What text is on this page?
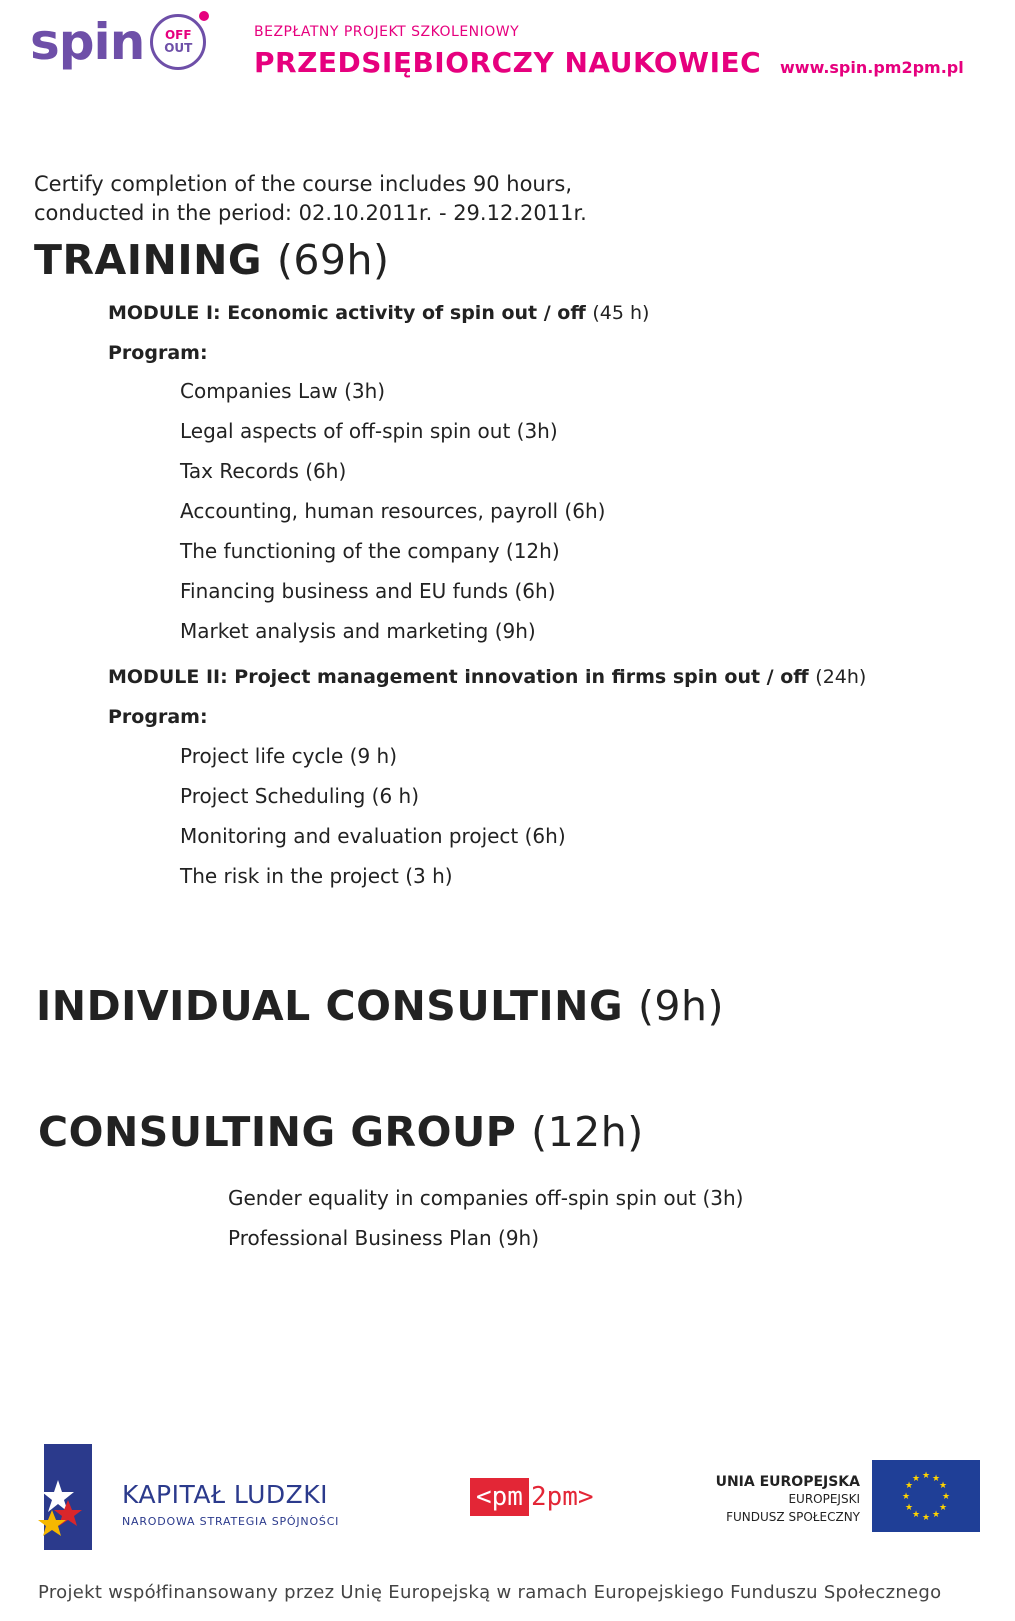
spin OFF
OUT
BEZPŁATNY PROJEKT SZKOLENIOWY
PRZEDSIĘBIORCZY NAUKOWIEC www.spin.pm2pm.pl
Certify completion of the course includes 90 hours,
conducted in the period: 02.10.2011r. - 29.12.2011r.
TRAINING (69h)
MODULE I: Economic activity of spin out / off (45 h)
Program:
Companies Law (3h)
Legal aspects of off-spin spin out (3h)
Tax Records (6h)
Accounting, human resources, payroll (6h)
The functioning of the company (12h)
Financing business and EU funds (6h)
Market analysis and marketing (9h)
MODULE II: Project management innovation in firms spin out / off (24h)
Program:
Project life cycle (9 h)
Project Scheduling (6 h)
Monitoring and evaluation project (6h)
The risk in the project (3 h)
INDIVIDUAL CONSULTING (9h)
CONSULTING GROUP (12h)
Gender equality in companies off-spin spin out (3h)
Professional Business Plan (9h)
KAPITAŁ LUDZKI
NARODOWA STRATEGIA SPÓJNOŚCI
<pm 2pm>	UNIA EUROPEJSKA
EUROPEJSKI
FUNDUSZ SPOŁECZNY
★ ★
★
★
★
★
★
★
★
★
★
★
Projekt współfinansowany przez Unię Europejską w ramach Europejskiego Funduszu Społecznego
